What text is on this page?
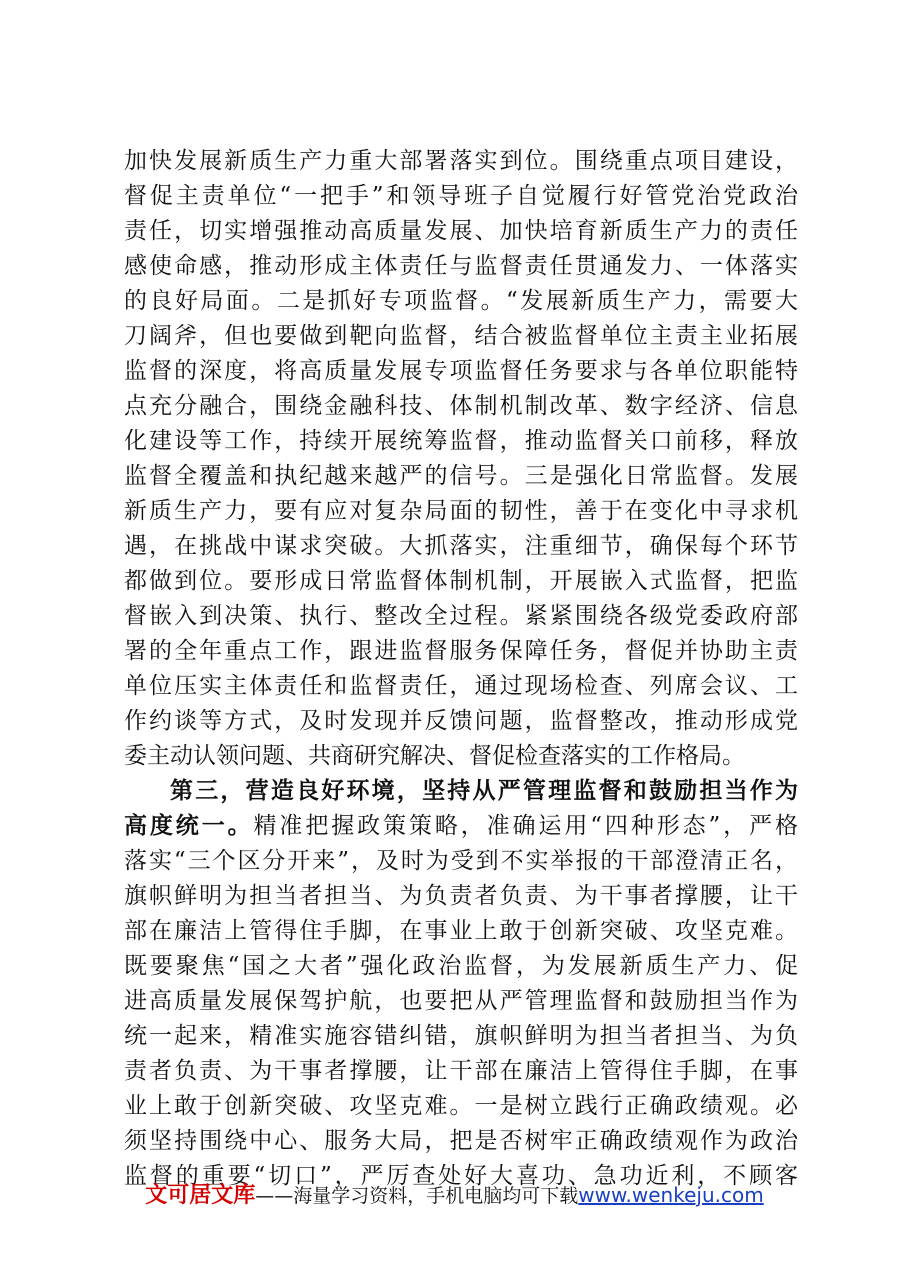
加快发展新质生产力重大部署落实到位。围绕重点项目建设，
督促主责单位“一把手”和领导班子自觉履行好管党治党政治
责任，切实增强推动高质量发展、加快培育新质生产力的责任
感使命感，推动形成主体责任与监督责任贯通发力、一体落实
的良好局面。二是抓好专项监督。“发展新质生产力，需要大
刀阔斧，但也要做到靶向监督，结合被监督单位主责主业拓展
监督的深度，将高质量发展专项监督任务要求与各单位职能特
点充分融合，围绕金融科技、体制机制改革、数字经济、信息
化建设等工作，持续开展统筹监督，推动监督关口前移，释放
监督全覆盖和执纪越来越严的信号。三是强化日常监督。发展
新质生产力，要有应对复杂局面的韧性，善于在变化中寻求机
遇，在挑战中谋求突破。大抓落实，注重细节，确保每个环节
都做到位。要形成日常监督体制机制，开展嵌入式监督，把监
督嵌入到决策、执行、整改全过程。紧紧围绕各级党委政府部
署的全年重点工作，跟进监督服务保障任务，督促并协助主责
单位压实主体责任和监督责任，通过现场检查、列席会议、工
作约谈等方式，及时发现并反馈问题，监督整改，推动形成党
委主动认领问题、共商研究解决、督促检查落实的工作格局。
第三，营造良好环境，坚持从严管理监督和鼓励担当作为
高度统一。精准把握政策策略，准确运用“四种形态”，严格
落实“三个区分开来”，及时为受到不实举报的干部澄清正名，
旗帜鲜明为担当者担当、为负责者负责、为干事者撑腰，让干
部在廉洁上管得住手脚，在事业上敢于创新突破、攻坚克难。
既要聚焦“国之大者”强化政治监督，为发展新质生产力、促
进高质量发展保驾护航，也要把从严管理监督和鼓励担当作为
统一起来，精准实施容错纠错，旗帜鲜明为担当者担当、为负
责者负责、为干事者撑腰，让干部在廉洁上管得住手脚，在事
业上敢于创新突破、攻坚克难。一是树立践行正确政绩观。必
须坚持围绕中心、服务大局，把是否树牢正确政绩观作为政治
监督的重要“切口”，严厉查处好大喜功、急功近利，不顾客
文可居文库——海量学习资料，手机电脑均可下载www.wenkeju.com
